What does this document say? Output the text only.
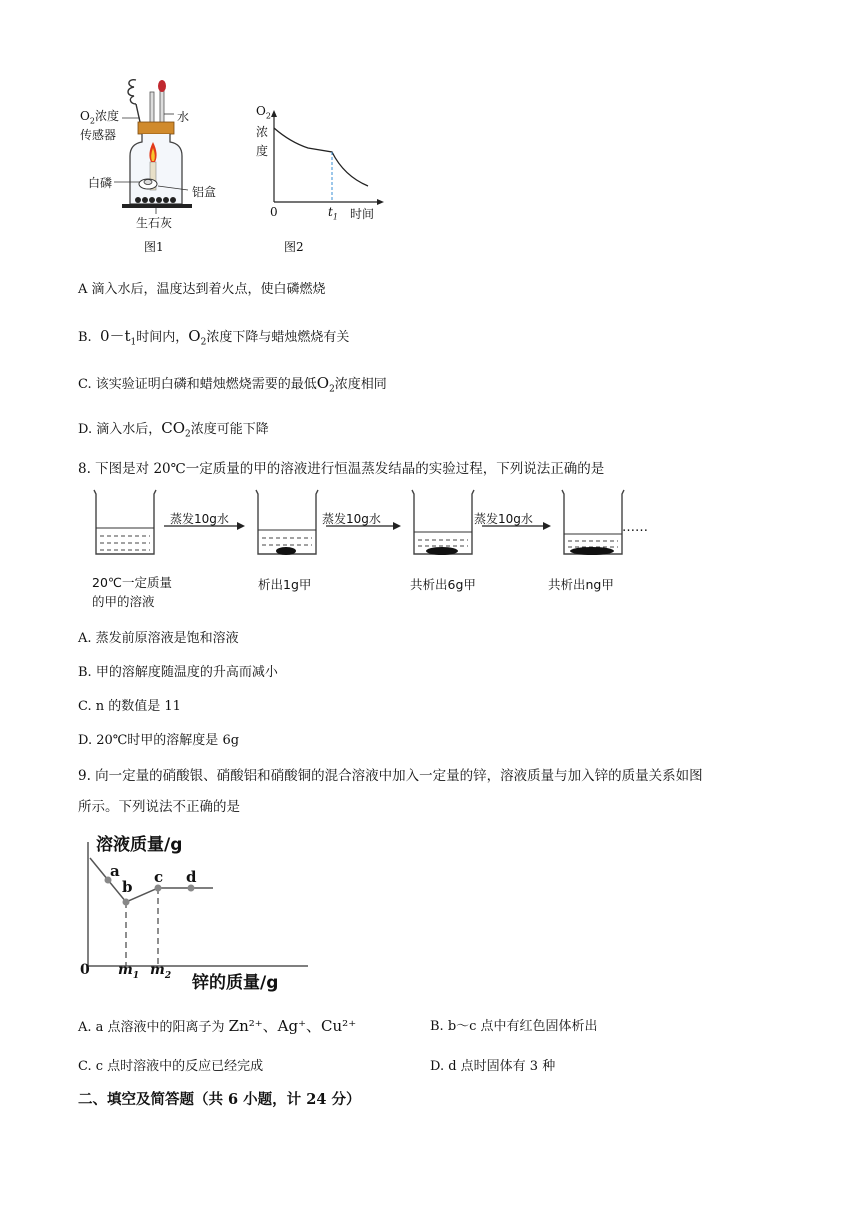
$O_2$浓度
传感器
水
白磷
铝盒
生石灰
图1
$O_2$
浓
度
0	$t_1$ 时间
图2
A 滴入水后，温度达到着火点，使白磷燃烧
B. $0-t_1$时间内，$O_2$浓度下降与蜡烛燃烧有关
C. 该实验证明白磷和蜡烛燃烧需要的最低$O_2$浓度相同
D. 滴入水后，$CO_2$浓度可能下降
8. 下图是对 20℃一定质量的甲的溶液进行恒温蒸发结晶的实验过程，下列说法正确的是
蒸发10g水	蒸发10g水	蒸发10g水
……
20℃一定质量
的甲的溶液
析出1g甲	共析出6g甲	共析出ng甲
A. 蒸发前原溶液是饱和溶液
B. 甲的溶解度随温度的升高而减小
C. n 的数值是 11
D. 20℃时甲的溶解度是 6g
9. 向一定量的硝酸银、硝酸铝和硝酸铜的混合溶液中加入一定量的锌，溶液质量与加入锌的质量关系如图
所示。下列说法不正确的是
溶液质量/g
锌的质量/g
0 $m_1$ $m_2$
a
b
c d
A. a 点溶液中的阳离子为 Zn²⁺、Ag⁺、Cu²⁺	B. b～c 点中有红色固体析出
C. c 点时溶液中的反应已经完成	D. d 点时固体有 3 种
二、填空及简答题（共 6 小题，计 24 分）
